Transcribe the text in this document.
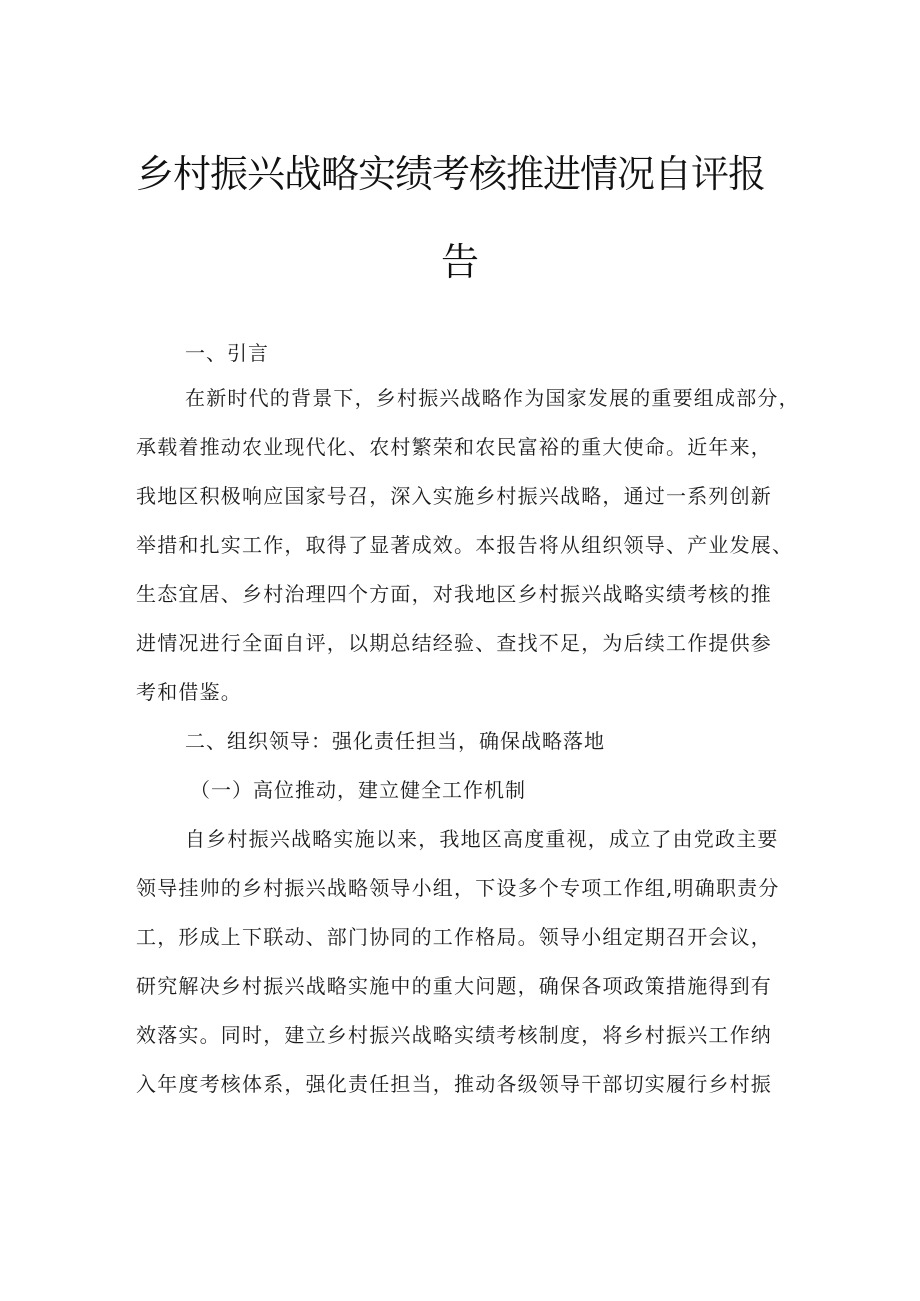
乡村振兴战略实绩考核推进情况自评报
告
一、引言
在新时代的背景下，乡村振兴战略作为国家发展的重要组成部分，
承载着推动农业现代化、农村繁荣和农民富裕的重大使命。近年来，
我地区积极响应国家号召，深入实施乡村振兴战略，通过一系列创新
举措和扎实工作，取得了显著成效。本报告将从组织领导、产业发展、
生态宜居、乡村治理四个方面，对我地区乡村振兴战略实绩考核的推
进情况进行全面自评，以期总结经验、查找不足，为后续工作提供参
考和借鉴。
二、组织领导：强化责任担当，确保战略落地
（一）高位推动，建立健全工作机制
自乡村振兴战略实施以来，我地区高度重视，成立了由党政主要
领导挂帅的乡村振兴战略领导小组，下设多个专项工作组,明确职责分
工，形成上下联动、部门协同的工作格局。领导小组定期召开会议，
研究解决乡村振兴战略实施中的重大问题，确保各项政策措施得到有
效落实。同时，建立乡村振兴战略实绩考核制度，将乡村振兴工作纳
入年度考核体系，强化责任担当，推动各级领导干部切实履行乡村振
